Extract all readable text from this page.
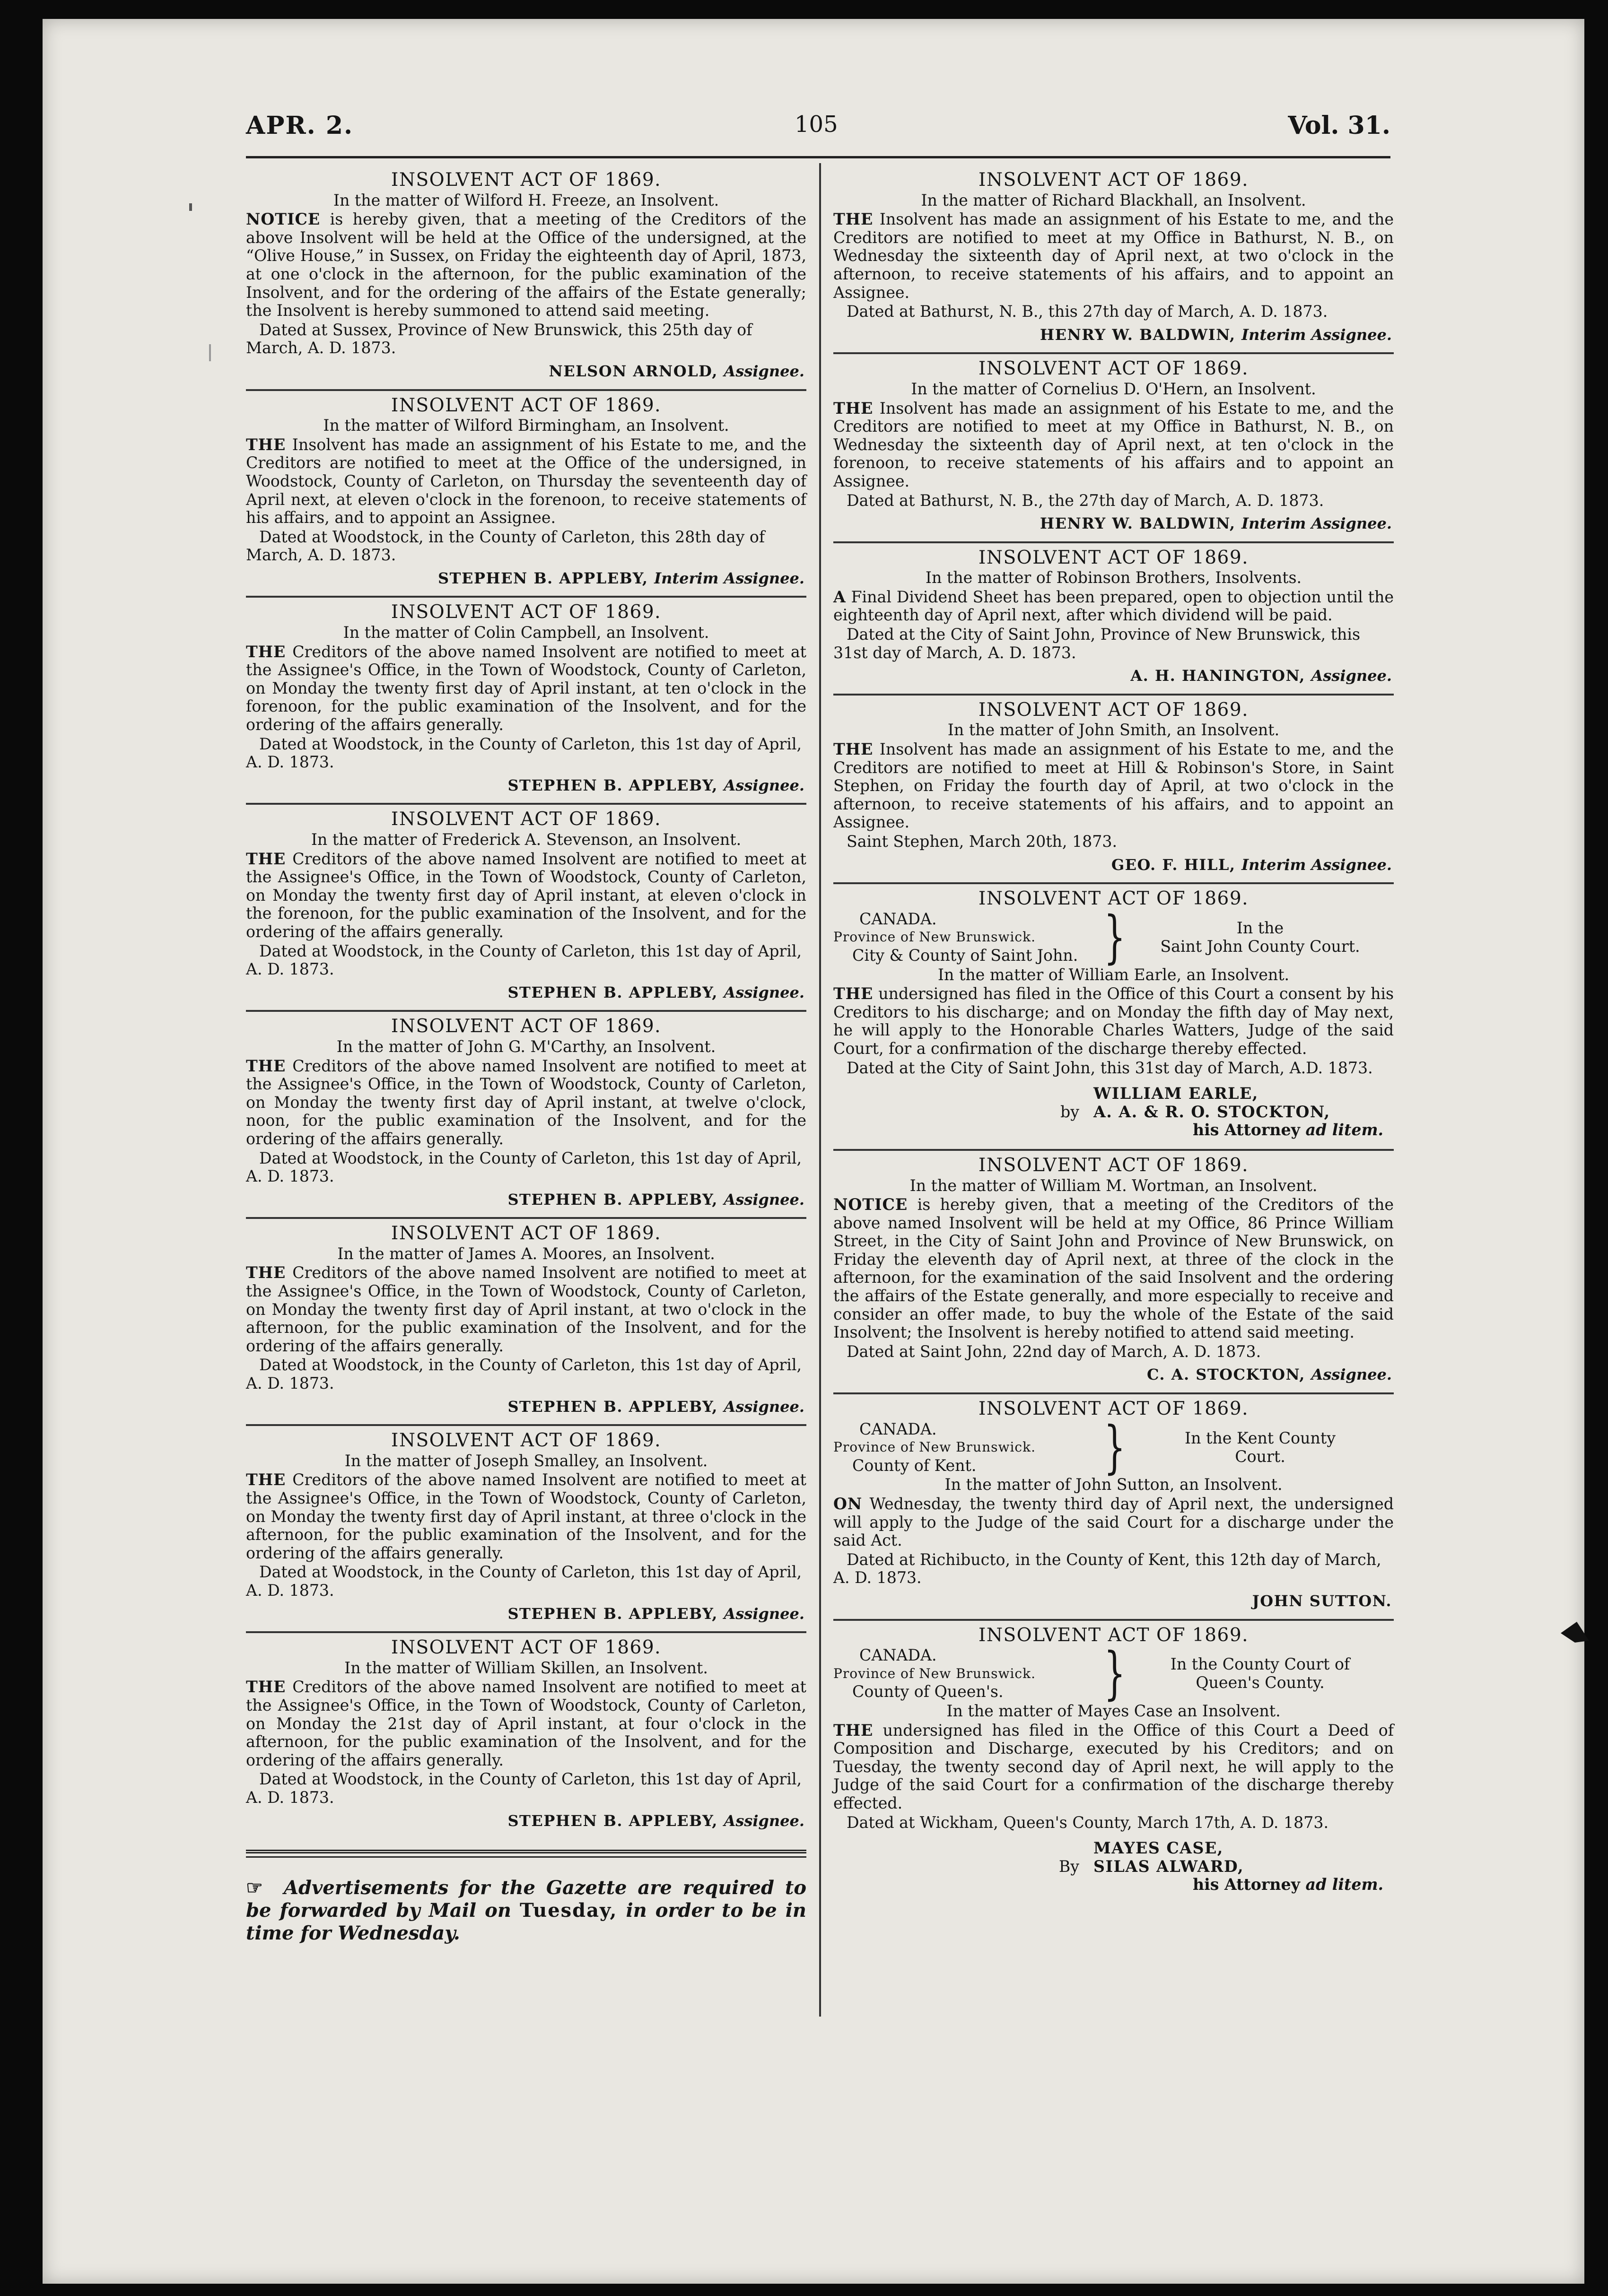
APR. 2.	105	Vol. 31.
INSOLVENT ACT OF 1869.
In the matter of Wilford H. Freeze, an Insolvent.

NOTICE is hereby given, that a meeting of the Creditors of the above Insolvent will be held at the Office of the undersigned, at the “Olive House,” in Sussex, on Friday the eighteenth day of April, 1873, at one o'clock in the afternoon, for the public examination of the Insolvent, and for the ordering of the affairs of the Estate generally; the Insolvent is hereby summoned to attend said meeting.

Dated at Sussex, Province of New Brunswick, this 25th day of March, A. D. 1873.

NELSON ARNOLD, Assignee.
INSOLVENT ACT OF 1869.
In the matter of Wilford Birmingham, an Insolvent.

THE Insolvent has made an assignment of his Estate to me, and the Creditors are notified to meet at the Office of the undersigned, in Woodstock, County of Carleton, on Thursday the seventeenth day of April next, at eleven o'clock in the forenoon, to receive statements of his affairs, and to appoint an Assignee.

Dated at Woodstock, in the County of Carleton, this 28th day of March, A. D. 1873.

STEPHEN B. APPLEBY, Interim Assignee.
INSOLVENT ACT OF 1869.
In the matter of Colin Campbell, an Insolvent.

THE Creditors of the above named Insolvent are notified to meet at the Assignee's Office, in the Town of Woodstock, County of Carleton, on Monday the twenty first day of April instant, at ten o'clock in the forenoon, for the public examination of the Insolvent, and for the ordering of the affairs generally.

Dated at Woodstock, in the County of Carleton, this 1st day of April, A. D. 1873.

STEPHEN B. APPLEBY, Assignee.
INSOLVENT ACT OF 1869.
In the matter of Frederick A. Stevenson, an Insolvent.

THE Creditors of the above named Insolvent are notified to meet at the Assignee's Office, in the Town of Woodstock, County of Carleton, on Monday the twenty first day of April instant, at eleven o'clock in the forenoon, for the public examination of the Insolvent, and for the ordering of the affairs generally.

Dated at Woodstock, in the County of Carleton, this 1st day of April, A. D. 1873.

STEPHEN B. APPLEBY, Assignee.
INSOLVENT ACT OF 1869.
In the matter of John G. M'Carthy, an Insolvent.

THE Creditors of the above named Insolvent are notified to meet at the Assignee's Office, in the Town of Woodstock, County of Carleton, on Monday the twenty first day of April instant, at twelve o'clock, noon, for the public examination of the Insolvent, and for the ordering of the affairs generally.

Dated at Woodstock, in the County of Carleton, this 1st day of April, A. D. 1873.

STEPHEN B. APPLEBY, Assignee.
INSOLVENT ACT OF 1869.
In the matter of James A. Moores, an Insolvent.

THE Creditors of the above named Insolvent are notified to meet at the Assignee's Office, in the Town of Woodstock, County of Carleton, on Monday the twenty first day of April instant, at two o'clock in the afternoon, for the public examination of the Insolvent, and for the ordering of the affairs generally.

Dated at Woodstock, in the County of Carleton, this 1st day of April, A. D. 1873.

STEPHEN B. APPLEBY, Assignee.
INSOLVENT ACT OF 1869.
In the matter of Joseph Smalley, an Insolvent.

THE Creditors of the above named Insolvent are notified to meet at the Assignee's Office, in the Town of Woodstock, County of Carleton, on Monday the twenty first day of April instant, at three o'clock in the afternoon, for the public examination of the Insolvent, and for the ordering of the affairs generally.

Dated at Woodstock, in the County of Carleton, this 1st day of April, A. D. 1873.

STEPHEN B. APPLEBY, Assignee.
INSOLVENT ACT OF 1869.
In the matter of William Skillen, an Insolvent.

THE Creditors of the above named Insolvent are notified to meet at the Assignee's Office, in the Town of Woodstock, County of Carleton, on Monday the 21st day of April instant, at four o'clock in the afternoon, for the public examination of the Insolvent, and for the ordering of the affairs generally.

Dated at Woodstock, in the County of Carleton, this 1st day of April, A. D. 1873.

STEPHEN B. APPLEBY, Assignee.

☞ Advertisements for the Gazette are required to be forwarded by Mail on Tuesday, in order to be in time for Wednesday.

INSOLVENT ACT OF 1869.
In the matter of Richard Blackhall, an Insolvent.

THE Insolvent has made an assignment of his Estate to me, and the Creditors are notified to meet at my Office in Bathurst, N. B., on Wednesday the sixteenth day of April next, at two o'clock in the afternoon, to receive statements of his affairs, and to appoint an Assignee.

Dated at Bathurst, N. B., this 27th day of March, A. D. 1873.

HENRY W. BALDWIN, Interim Assignee.
INSOLVENT ACT OF 1869.
In the matter of Cornelius D. O'Hern, an Insolvent.

THE Insolvent has made an assignment of his Estate to me, and the Creditors are notified to meet at my Office in Bathurst, N. B., on Wednesday the sixteenth day of April next, at ten o'clock in the forenoon, to receive statements of his affairs and to appoint an Assignee.

Dated at Bathurst, N. B., the 27th day of March, A. D. 1873.

HENRY W. BALDWIN, Interim Assignee.
INSOLVENT ACT OF 1869.
In the matter of Robinson Brothers, Insolvents.

A Final Dividend Sheet has been prepared, open to objection until the eighteenth day of April next, after which dividend will be paid.

Dated at the City of Saint John, Province of New Brunswick, this 31st day of March, A. D. 1873.

A. H. HANINGTON, Assignee.
INSOLVENT ACT OF 1869.
In the matter of John Smith, an Insolvent.

THE Insolvent has made an assignment of his Estate to me, and the Creditors are notified to meet at Hill & Robinson's Store, in Saint Stephen, on Friday the fourth day of April, at two o'clock in the afternoon, to receive statements of his affairs, and to appoint an Assignee.

Saint Stephen, March 20th, 1873.

GEO. F. HILL, Interim Assignee.
INSOLVENT ACT OF 1869.
CANADA.
Province of New Brunswick.
City & County of Saint John. }	In the
Saint John County Court.
In the matter of William Earle, an Insolvent.

THE undersigned has filed in the Office of this Court a consent by his Creditors to his discharge; and on Monday the fifth day of May next, he will apply to the Honorable Charles Watters, Judge of the said Court, for a confirmation of the discharge thereby effected.

Dated at the City of Saint John, this 31st day of March, A.D. 1873.

WILLIAM EARLE,
by A. A. & R. O. STOCKTON,
his Attorney ad litem.
INSOLVENT ACT OF 1869.
In the matter of William M. Wortman, an Insolvent.

NOTICE is hereby given, that a meeting of the Creditors of the above named Insolvent will be held at my Office, 86 Prince William Street, in the City of Saint John and Province of New Brunswick, on Friday the eleventh day of April next, at three of the clock in the afternoon, for the examination of the said Insolvent and the ordering the affairs of the Estate generally, and more especially to receive and consider an offer made, to buy the whole of the Estate of the said Insolvent; the Insolvent is hereby notified to attend said meeting.

Dated at Saint John, 22nd day of March, A. D. 1873.

C. A. STOCKTON, Assignee.
INSOLVENT ACT OF 1869.
CANADA.
Province of New Brunswick.
County of Kent.	}	In the Kent County
Court.
In the matter of John Sutton, an Insolvent.

ON Wednesday, the twenty third day of April next, the undersigned will apply to the Judge of the said Court for a discharge under the said Act.

Dated at Richibucto, in the County of Kent, this 12th day of March, A. D. 1873.

JOHN SUTTON.
INSOLVENT ACT OF 1869.
CANADA.
Province of New Brunswick.
County of Queen's.	}	In the County Court of
Queen's County.
In the matter of Mayes Case an Insolvent.

THE undersigned has filed in the Office of this Court a Deed of Composition and Discharge, executed by his Creditors; and on Tuesday, the twenty second day of April next, he will apply to the Judge of the said Court for a confirmation of the discharge thereby effected.

Dated at Wickham, Queen's County, March 17th, A. D. 1873.

MAYES CASE,
By SILAS ALWARD,
his Attorney ad litem.
